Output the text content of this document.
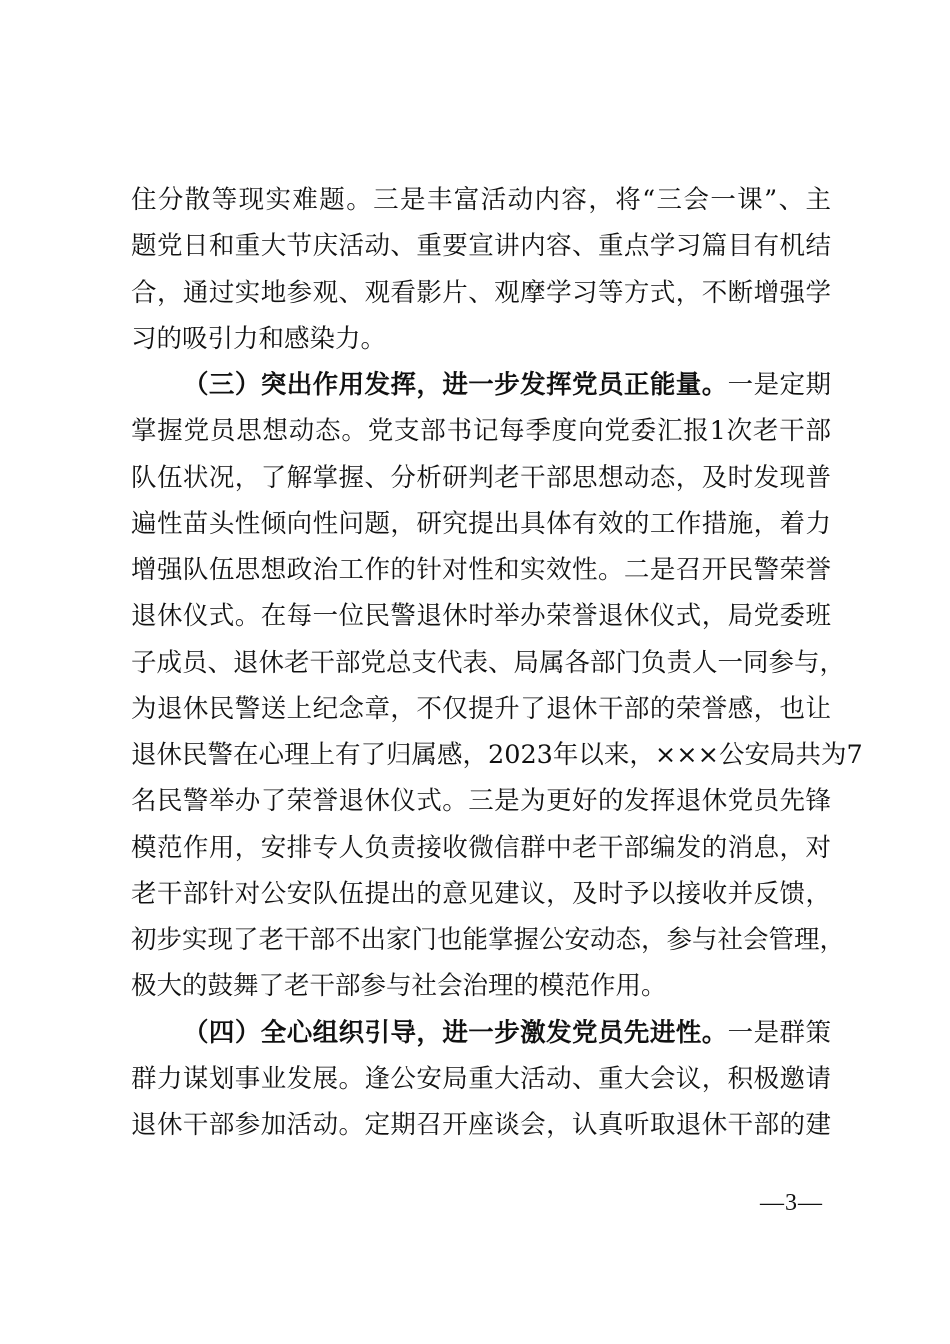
住分散等现实难题。三是丰富活动内容，将“三会一课”、主
题党日和重大节庆活动、重要宣讲内容、重点学习篇目有机结
合，通过实地参观、观看影片、观摩学习等方式，不断增强学
习的吸引力和感染力。
（三）突出作用发挥，进一步发挥党员正能量。一是定期
掌握党员思想动态。党支部书记每季度向党委汇报1次老干部
队伍状况，了解掌握、分析研判老干部思想动态，及时发现普
遍性苗头性倾向性问题，研究提出具体有效的工作措施，着力
增强队伍思想政治工作的针对性和实效性。二是召开民警荣誉
退休仪式。在每一位民警退休时举办荣誉退休仪式，局党委班
子成员、退休老干部党总支代表、局属各部门负责人一同参与，
为退休民警送上纪念章，不仅提升了退休干部的荣誉感，也让
退休民警在心理上有了归属感，2023年以来，×××公安局共为7
名民警举办了荣誉退休仪式。三是为更好的发挥退休党员先锋
模范作用，安排专人负责接收微信群中老干部编发的消息，对
老干部针对公安队伍提出的意见建议，及时予以接收并反馈，
初步实现了老干部不出家门也能掌握公安动态，参与社会管理，
极大的鼓舞了老干部参与社会治理的模范作用。
（四）全心组织引导，进一步激发党员先进性。一是群策
群力谋划事业发展。逢公安局重大活动、重大会议，积极邀请
退休干部参加活动。定期召开座谈会，认真听取退休干部的建
—3—
